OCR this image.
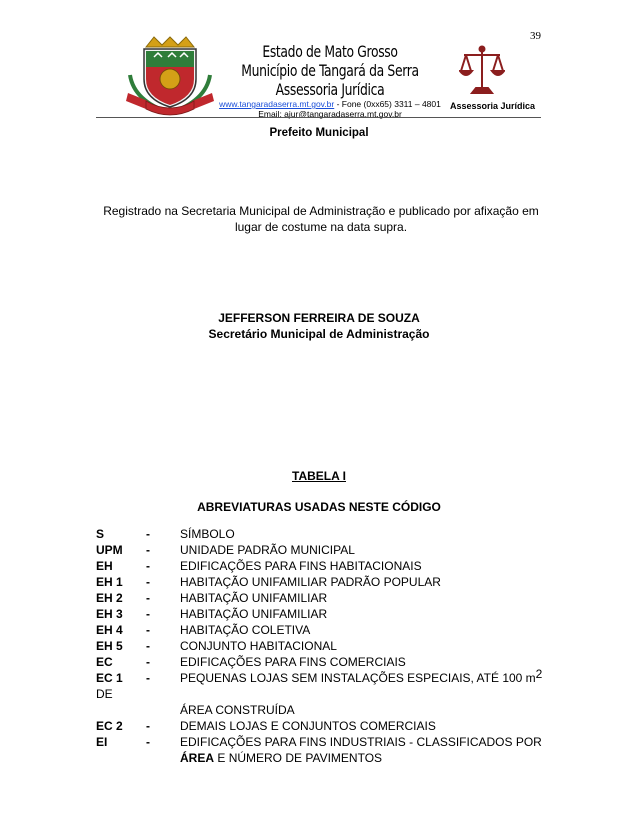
39
Estado de Mato Grosso
Município de Tangará da Serra
Assessoria Jurídica
www.tangaradaserra.mt.gov.br - Fone (0xx65) 3311 – 4801
Email: ajur@tangaradaserra.mt.gov.br
Assessoria Jurídica
Prefeito Municipal
Registrado na Secretaria Municipal de Administração e publicado por afixação em lugar de costume na data supra.
JEFFERSON FERREIRA DE SOUZA
Secretário Municipal de Administração
TABELA I
ABREVIATURAS USADAS NESTE CÓDIGO
S	-	SÍMBOLO
UPM -	UNIDADE PADRÃO MUNICIPAL
EH	-	EDIFICAÇÕES PARA FINS HABITACIONAIS
EH 1 -	HABITAÇÃO UNIFAMILIAR PADRÃO POPULAR
EH 2 -	HABITAÇÃO UNIFAMILIAR
EH 3 -	HABITAÇÃO UNIFAMILIAR
EH 4 -	HABITAÇÃO COLETIVA
EH 5 -	CONJUNTO HABITACIONAL
EC	-	EDIFICAÇÕES PARA FINS COMERCIAIS
EC 1 -	PEQUENAS LOJAS SEM INSTALAÇÕES ESPECIAIS, ATÉ 100 m2
DE
ÁREA CONSTRUÍDA
EC 2 -	DEMAIS LOJAS E CONJUNTOS COMERCIAIS
EI	-	EDIFICAÇÕES PARA FINS INDUSTRIAIS - CLASSIFICADOS POR
ÁREA E NÚMERO DE PAVIMENTOS
